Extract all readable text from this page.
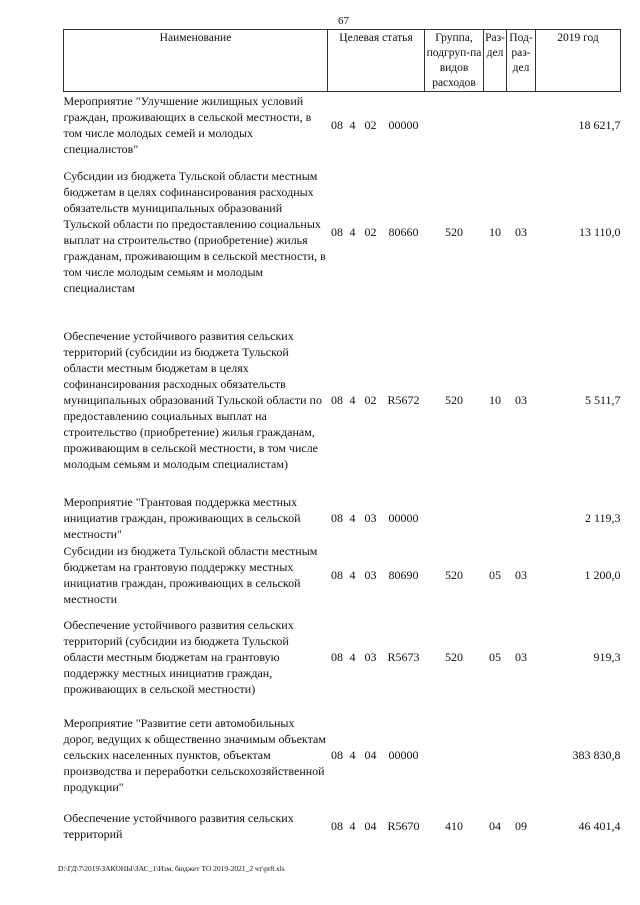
67
Наименование	Целевая статья				Группа, подгруп-па видов расходов	Раз-дел	Под-раз-дел	2019 год
Мероприятие "Улучшение жилищных условий граждан, проживающих в сельской местности, в том числе молодых семей и молодых специалистов"	08	4	02	00000				18 621,7
Субсидии из бюджета Тульской области местным бюджетам в целях софинансирования расходных обязательств муниципальных образований Тульской области по предоставлению социальных выплат на строительство (приобретение) жилья гражданам, проживающим в сельской местности, в том числе молодым семьям и молодым специалистам	08	4	02	80660	520	10	03	13 110,0
Обеспечение устойчивого развития сельских территорий (субсидии из бюджета Тульской области местным бюджетам в целях софинансирования расходных обязательств муниципальных образований Тульской области по предоставлению социальных выплат на строительство (приобретение) жилья гражданам, проживающим в сельской местности, в том числе молодым семьям и молодым специалистам)	08	4	02	R5672	520	10	03	5 511,7
Мероприятие "Грантовая поддержка местных инициатив граждан, проживающих в сельской местности"	08	4	03	00000				2 119,3
Субсидии из бюджета Тульской области местным бюджетам на грантовую поддержку местных инициатив граждан, проживающих в сельской местности	08	4	03	80690	520	05	03	1 200,0
Обеспечение устойчивого развития сельских территорий (субсидии из бюджета Тульской области местным бюджетам на грантовую поддержку местных инициатив граждан, проживающих в сельской местности)	08	4	03	R5673	520	05	03	919,3
Мероприятие "Развитие сети автомобильных дорог, ведущих к общественно значимым объектам сельских населенных пунктов, объектам производства и переработки сельскохозяйственной продукции"	08	4	04	00000				383 830,8
Обеспечение устойчивого развития сельских территорий	08	4	04	R5670	410	04	09	46 401,4
D:\ГД\7\2019\ЗАКОНЫ\ЗАС_1\Изм. бюджет ТО 2019-2021_2 чт\pr8.xls
